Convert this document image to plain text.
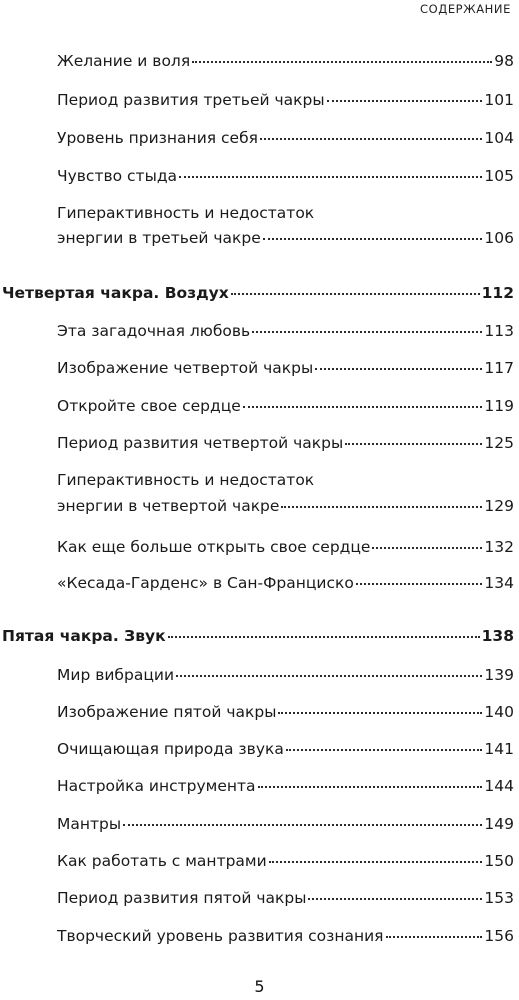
СОДЕРЖАНИЕ
Желание и воля	98
Период развития третьей чакры	101
Уровень признания себя	104
Чувство стыда	105
Гиперактивность и недостаток
энергии в третьей чакре	106
Четвертая чакра. Воздух	112
Эта загадочная любовь	113
Изображение четвертой чакры	117
Откройте свое сердце	119
Период развития четвертой чакры	125
Гиперактивность и недостаток
энергии в четвертой чакре	129
Как еще больше открыть свое сердце	132
«Кесада-Гарденс» в Сан-Франциско	134
Пятая чакра. Звук	138
Мир вибрации	139
Изображение пятой чакры	140
Очищающая природа звука	141
Настройка инструмента	144
Мантры	149
Как работать с мантрами	150
Период развития пятой чакры	153
Творческий уровень развития сознания	156
5
